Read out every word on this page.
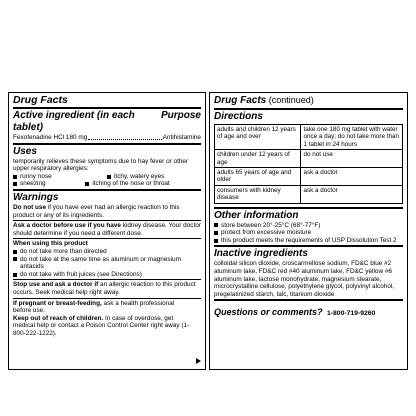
Drug Facts
Active ingredient (in each tablet)
Purpose
Fexofenadine HCl 180 mg	Antihistamine
Uses
temporarily relieves these symptoms due to hay fever or other upper respiratory allergies:
runny nose	itchy, watery eyes
sneezing	itching of the nose or throat
Warnings
Do not use if you have ever had an allergic reaction to this product or any of its ingredients.
Ask a doctor before use if you have kidney disease. Your doctor should determine if you need a different dose.
When using this product
do not take more than directed
do not take at the same time as aluminum or magnesium antacids
do not take with fruit juices (see Directions)
Stop use and ask a doctor if an allergic reaction to this product occurs. Seek medical help right away.
If pregnant or breast-feeding, ask a health professional before use.
Keep out of reach of children. In case of overdose, get medical help or contact a Poison Control Center right away (1-800-222-1222).
Drug Facts (continued)
Directions
adults and children 12 years of age and over	take one 180 mg tablet with water once a day; do not take more than 1 tablet in 24 hours
children under 12 years of age	do not use
adults 65 years of age and older	ask a doctor
consumers with kidney disease	ask a doctor
Other information
store between 20°-25°C (68°-77°F)
protect from excessive moisture
this product meets the requirements of USP Dissolution Test 2
Inactive ingredients
colloidal silicon dioxide, croscarmellose sodium, FD&C blue #2 aluminum lake, FD&C red #40 aluminum lake, FD&C yellow #6 aluminum lake, lactose monohydrate, magnesium stearate, microcrystalline cellulose, polyethylene glycol, polyvinyl alcohol, pregelatinized starch, talc, titanium dioxide
Questions or comments? 1-800-719-9260
